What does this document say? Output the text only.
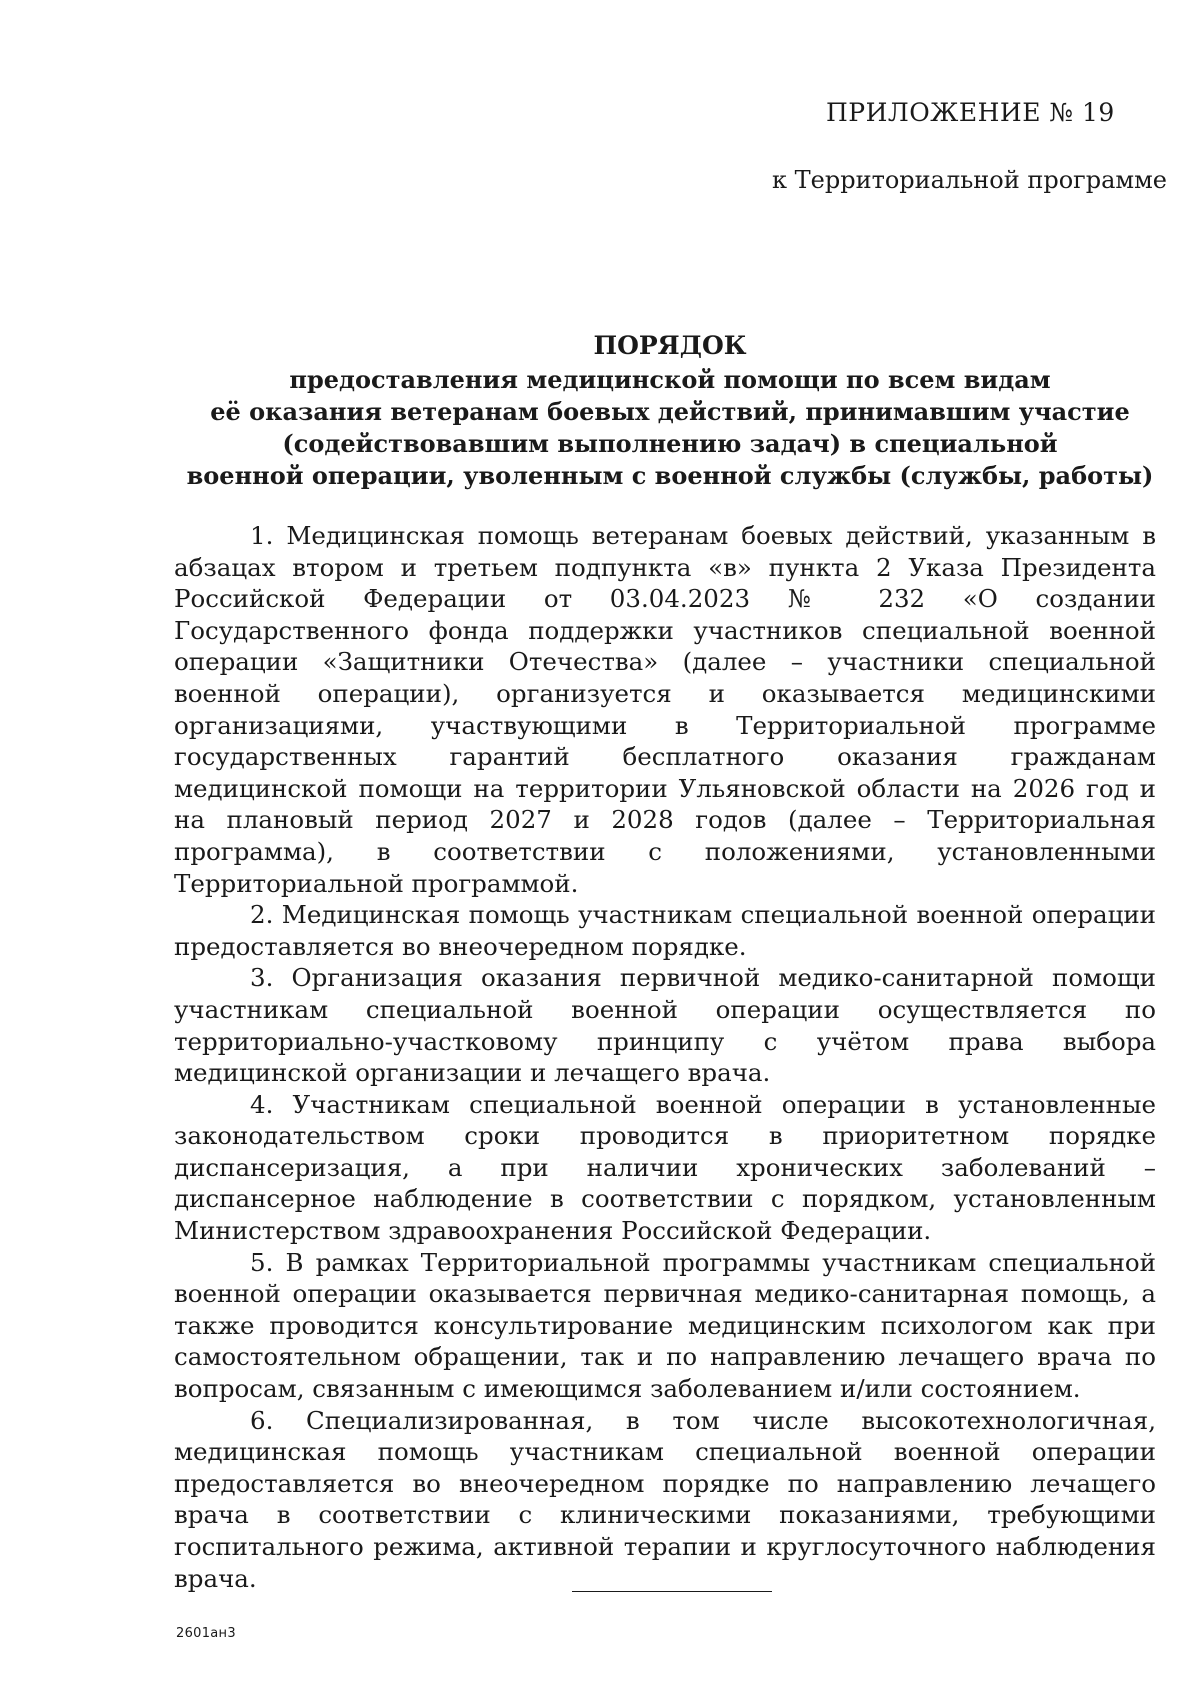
ПРИЛОЖЕНИЕ № 19
к Территориальной программе
ПОРЯДОК
предоставления медицинской помощи по всем видам
её оказания ветеранам боевых действий, принимавшим участие
(содействовавшим выполнению задач) в специальной
военной операции, уволенным с военной службы (службы, работы)

1. Медицинская помощь ветеранам боевых действий, указанным в абзацах втором и третьем подпункта «в» пункта 2 Указа Президента Российской Федерации от 03.04.2023 № 232 «О создании Государственного фонда поддержки участников специальной военной операции «Защитники Отечества» (далее – участники специальной военной операции), организуется и оказывается медицинскими организациями, участвующими в Территориальной программе государственных гарантий бесплатного оказания гражданам медицинской помощи на территории Ульяновской области на 2026 год и на плановый период 2027 и 2028 годов (далее – Территориальная программа), в соответствии с положениями, установленными Территориальной программой.

2. Медицинская помощь участникам специальной военной операции предоставляется во внеочередном порядке.

3. Организация оказания первичной медико-санитарной помощи участникам специальной военной операции осуществляется по территориально-участковому принципу с учётом права выбора медицинской организации и лечащего врача.

4. Участникам специальной военной операции в установленные законодательством сроки проводится в приоритетном порядке диспансеризация, а при наличии хронических заболеваний – диспансерное наблюдение в соответствии с порядком, установленным Министерством здравоохранения Российской Федерации.

5. В рамках Территориальной программы участникам специальной военной операции оказывается первичная медико-санитарная помощь, а также проводится консультирование медицинским психологом как при самостоятельном обращении, так и по направлению лечащего врача по вопросам, связанным с имеющимся заболеванием и/или состоянием.

6. Специализированная, в том числе высокотехнологичная, медицинская помощь участникам специальной военной операции предоставляется во внеочередном порядке по направлению лечащего врача в соответствии с клиническими показаниями, требующими госпитального режима, активной терапии и круглосуточного наблюдения врача.

2601ан3
